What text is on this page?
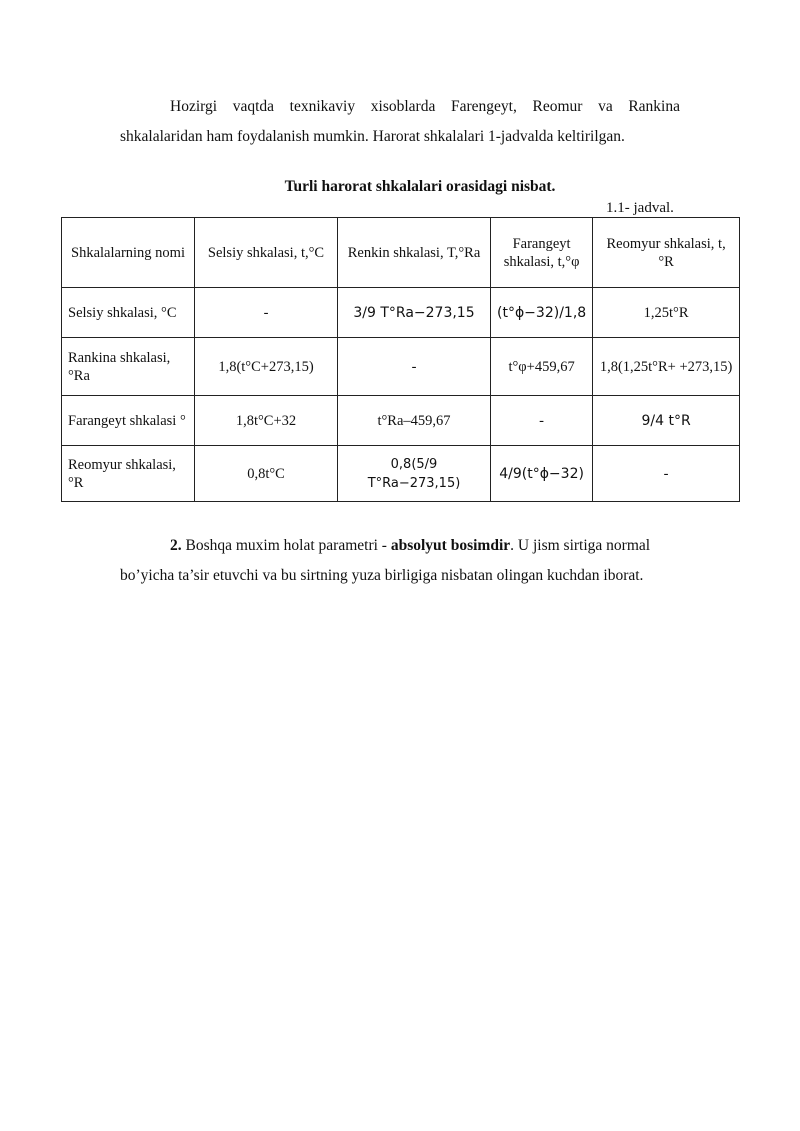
Hozirgi vaqtda texnikaviy xisoblarda Farengeyt, Reomur va Rankina shkalalaridan ham foydalanish mumkin. Harorat shkalalari 1-jadvalda keltirilgan.
Turli harorat shkalalari orasidagi nisbat.
1.1- jadval.
Shkalalarning nomi	Selsiy shkalasi, t,°C	Renkin shkalasi, T,°Ra	Farangeyt shkalasi, t,°φ	Reomyur shkalasi, t,°R
Selsiy shkalasi, °C	-	3/9 T°Ra−273,15	(t°ϕ−32)/1,8	1,25t°R
Rankina shkalasi, °Ra	1,8(t°C+273,15)	-	t°φ+459,67	1,8(1,25t°R+ +273,15)
Farangeyt shkalasi °	1,8t°C+32	t°Ra–459,67	-	9/4 t°R
Reomyur shkalasi, °R	0,8t°C	0,8(5/9 T°Ra−273,15)	4/9(t°ϕ−32)	-
2. Boshqa muxim holat parametri - absolyut bosimdir. U jism sirtiga normal
bo’yicha ta’sir etuvchi va bu sirtning yuza birligiga nisbatan olingan kuchdan iborat.
